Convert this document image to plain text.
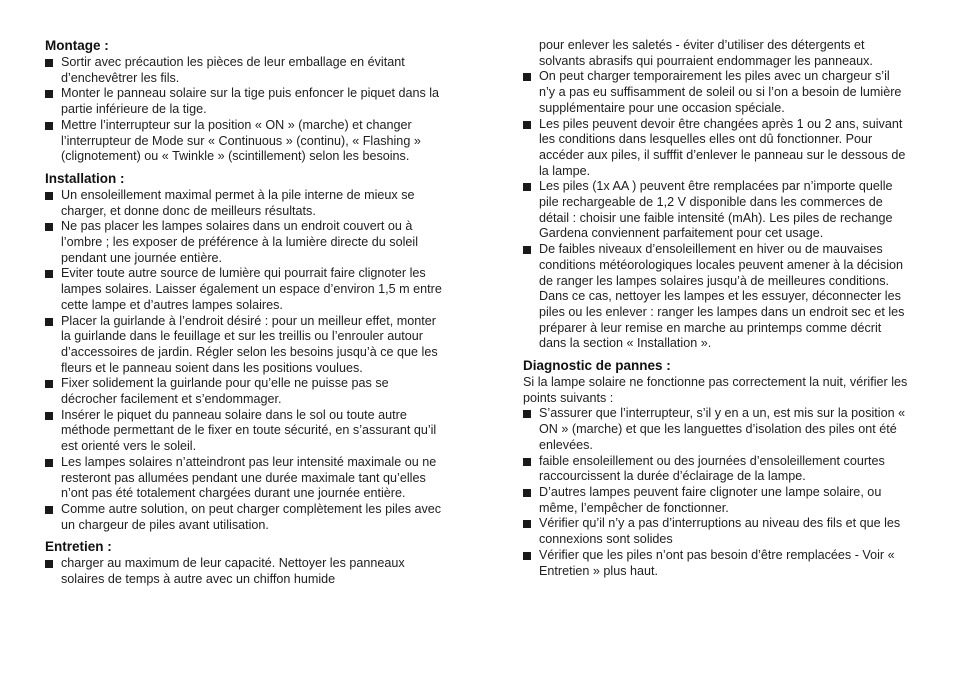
Montage :
Sortir avec précaution les pièces de leur emballage en évitant d’enchevêtrer les fils.
Monter le panneau solaire sur la tige puis enfoncer le piquet dans la partie inférieure de la tige.
Mettre l’interrupteur sur la position « ON » (marche) et changer l’interrupteur de Mode sur « Continuous » (continu), « Flashing » (clignotement) ou « Twinkle » (scintillement) selon les besoins.
Installation :
Un ensoleillement maximal permet à la pile interne de mieux se charger, et donne donc de meilleurs résultats.
Ne pas placer les lampes solaires dans un endroit couvert ou à l’ombre ; les exposer de préférence à la lumière directe du soleil pendant une journée entière.
Eviter toute autre source de lumière qui pourrait faire clignoter les lampes solaires. Laisser également un espace d’environ 1,5 m entre cette lampe et d’autres lampes solaires.
Placer la guirlande à l’endroit désiré : pour un meilleur effet, monter la guirlande dans le feuillage et sur les treillis ou l’enrouler autour d’accessoires de jardin. Régler selon les besoins jusqu’à ce que les fleurs et le panneau soient dans les positions voulues.
Fixer solidement la guirlande pour qu’elle ne puisse pas se décrocher facilement et s’endommager.
Insérer le piquet du panneau solaire dans le sol ou toute autre méthode permettant de le fixer en toute sécurité, en s’assurant qu’il est orienté vers le soleil.
Les lampes solaires n’atteindront pas leur intensité maximale ou ne resteront pas allumées pendant une durée maximale tant qu’elles n’ont pas été totalement chargées durant une journée entière.
Comme autre solution, on peut charger complètement les piles avec un chargeur de piles avant utilisation.
Entretien :
charger au maximum de leur capacité. Nettoyer les panneaux solaires de temps à autre avec un chiffon humide
pour enlever les saletés - éviter d’utiliser des détergents et solvants abrasifs qui pourraient endommager les panneaux.
On peut charger temporairement les piles avec un chargeur s’il n’y a pas eu suffisamment de soleil ou si l’on a besoin de lumière supplémentaire pour une occasion spéciale.
Les piles peuvent devoir être changées après 1 ou 2 ans, suivant les conditions dans lesquelles elles ont dû fonctionner. Pour accéder aux piles, il sufffit d’enlever le panneau sur le dessous de la lampe.
Les piles (1x AA ) peuvent être remplacées par n’importe quelle pile rechargeable de 1,2 V disponible dans les commerces de détail : choisir une faible intensité (mAh). Les piles de rechange Gardena conviennent parfaitement pour cet usage.
De faibles niveaux d’ensoleillement en hiver ou de mauvaises conditions météorologiques locales peuvent amener à la décision de ranger les lampes solaires jusqu’à de meilleures conditions. Dans ce cas, nettoyer les lampes et les essuyer, déconnecter les piles ou les enlever : ranger les lampes dans un endroit sec et les préparer à leur remise en marche au printemps comme décrit dans la section « Installation ».
Diagnostic de pannes :

Si la lampe solaire ne fonctionne pas correctement la nuit, vérifier les points suivants :

S’assurer que l’interrupteur, s’il y en a un, est mis sur la position « ON » (marche) et que les languettes d’isolation des piles ont été enlevées.
faible ensoleillement ou des journées d’ensoleillement courtes raccourcissent la durée d’éclairage de la lampe.
D’autres lampes peuvent faire clignoter une lampe solaire, ou même, l’empêcher de fonctionner.
Vérifier qu’il n’y a pas d’interruptions au niveau des fils et que les connexions sont solides
Vérifier que les piles n’ont pas besoin d’être remplacées - Voir « Entretien » plus haut.
